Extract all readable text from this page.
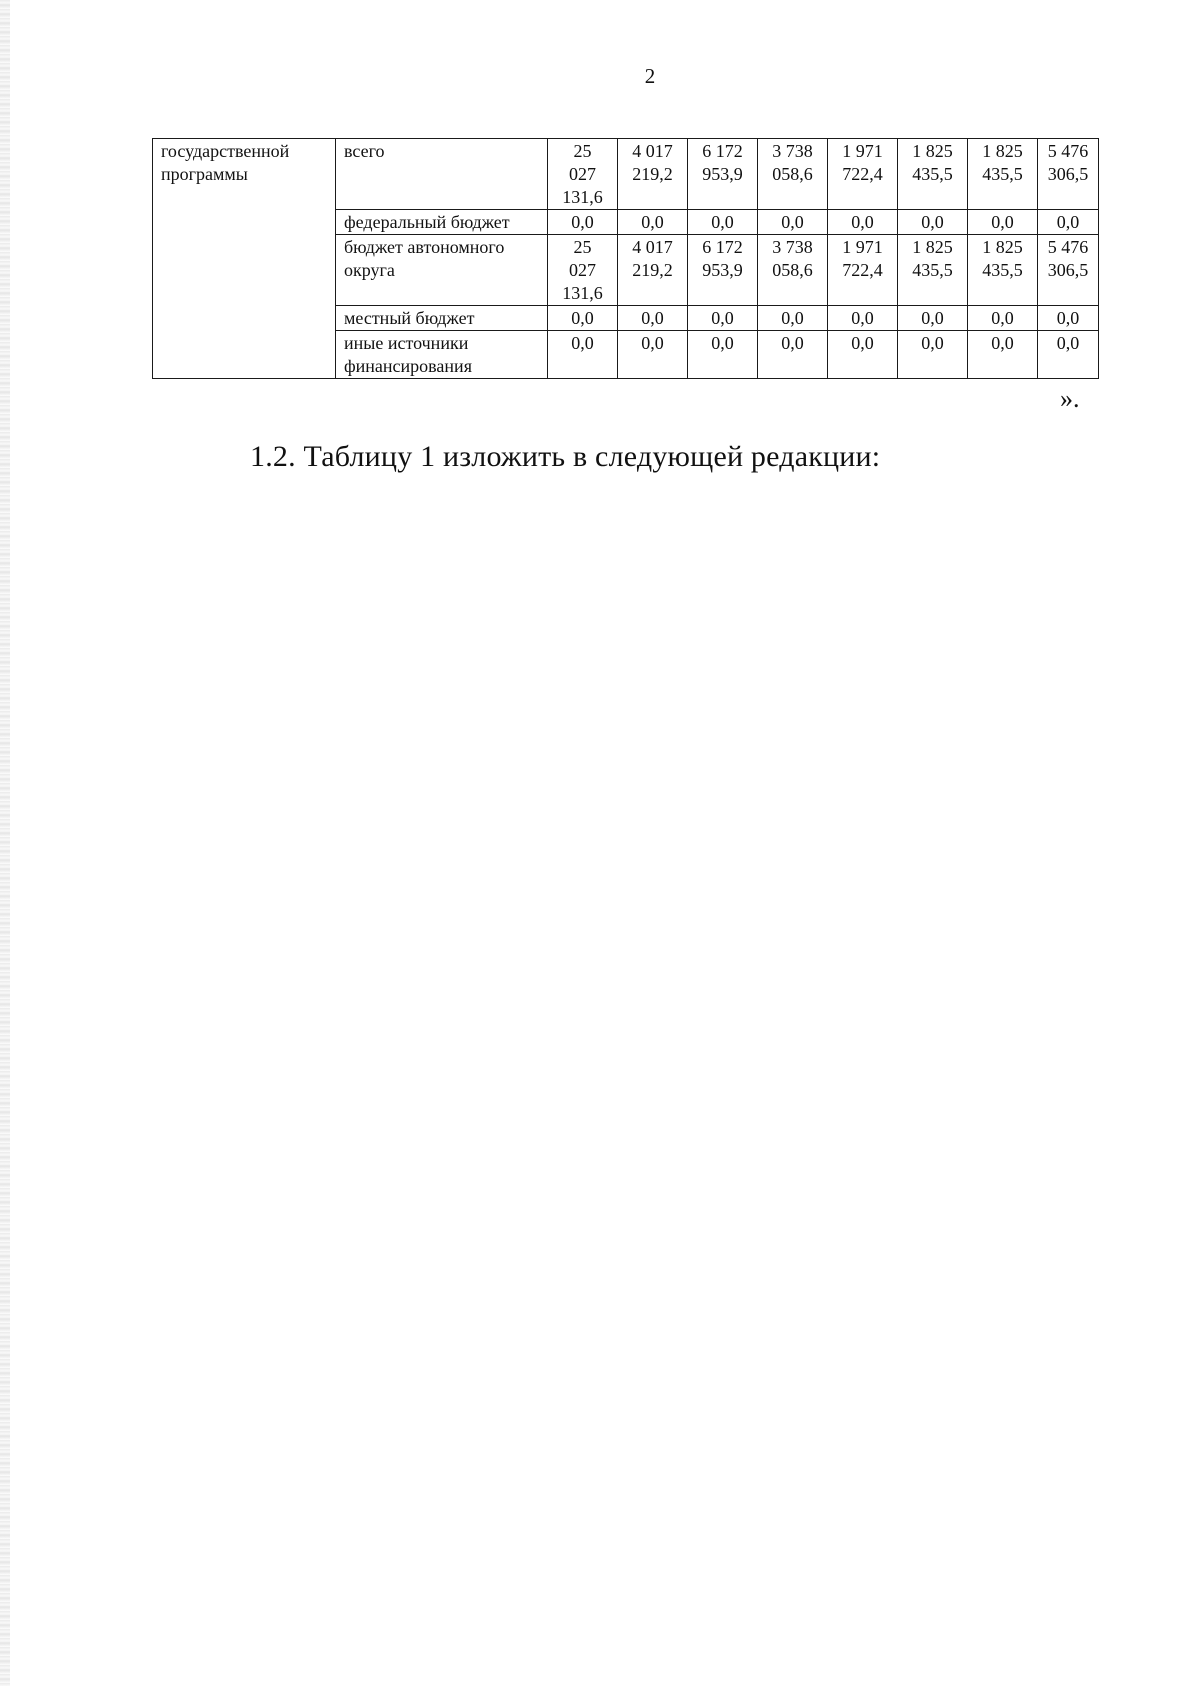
2
государственной программы	всего	25
027
131,6	4 017
219,2	6 172
953,9	3 738
058,6	1 971
722,4	1 825
435,5	1 825
435,5	5 476
306,5

	федеральный бюджет	0,0	0,0	0,0	0,0	0,0	0,0	0,0	0,0

	бюджет автономного округа	25
027
131,6	4 017
219,2	6 172
953,9	3 738
058,6	1 971
722,4	1 825
435,5	1 825
435,5	5 476
306,5

	местный бюджет	0,0	0,0	0,0	0,0	0,0	0,0	0,0	0,0

	иные источники финансирования	0,0	0,0	0,0	0,0	0,0	0,0	0,0	0,0
».
1.2. Таблицу 1 изложить в следующей редакции:
